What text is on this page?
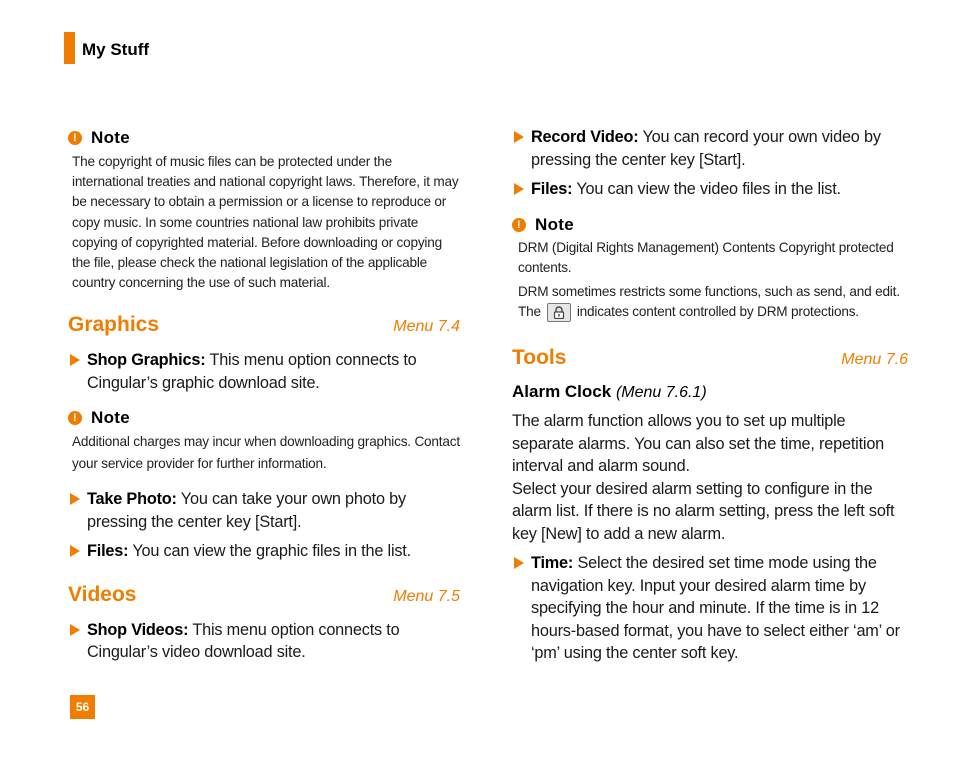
My Stuff
! Note
The copyright of music files can be protected under the international treaties and national copyright laws. Therefore, it may be necessary to obtain a permission or a license to reproduce or copy music. In some countries national law prohibits private copying of copyrighted material. Before downloading or copying the file, please check the national legislation of the applicable country concerning the use of such material.
Graphics	Menu 7.4
Shop Graphics: This menu option connects to Cingular’s graphic download site.
! Note
Additional charges may incur when downloading graphics. Contact your service provider for further information.
Take Photo: You can take your own photo by pressing the center key [Start].
Files: You can view the graphic files in the list.
Videos	Menu 7.5
Shop Videos: This menu option connects to Cingular’s video download site.
Record Video: You can record your own video by pressing the center key [Start].
Files: You can view the video files in the list.
! Note
DRM (Digital Rights Management) Contents Copyright protected contents.
DRM sometimes restricts some functions, such as send, and edit. The	indicates content controlled by DRM protections.
Tools	Menu 7.6
Alarm Clock (Menu 7.6.1)
The alarm function allows you to set up multiple separate alarms. You can also set the time, repetition interval and alarm sound.
Select your desired alarm setting to configure in the alarm list. If there is no alarm setting, press the left soft key [New] to add a new alarm.
Time: Select the desired set time mode using the navigation key. Input your desired alarm time by specifying the hour and minute. If the time is in 12 hours-based format, you have to select either ‘am’ or ‘pm’ using the center soft key.
56
